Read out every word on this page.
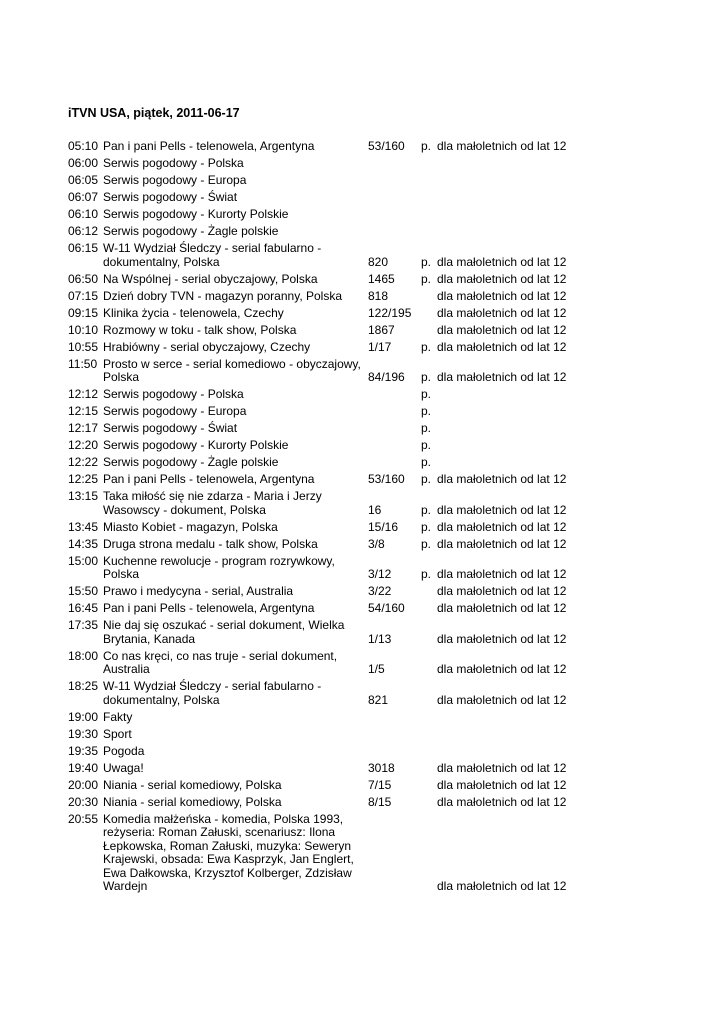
iTVN USA, piątek, 2011-06-17
05:10 Pan i pani Pells - telenowela, Argentyna	53/160 p. dla małoletnich od lat 12
06:00 Serwis pogodowy - Polska
06:05 Serwis pogodowy - Europa
06:07 Serwis pogodowy - Świat
06:10 Serwis pogodowy - Kurorty Polskie
06:12 Serwis pogodowy - Żagle polskie
06:15 W-11 Wydział Śledczy - serial fabularno -
dokumentalny, Polska	820	p. dla małoletnich od lat 12
06:50 Na Wspólnej - serial obyczajowy, Polska	1465 p. dla małoletnich od lat 12
07:15 Dzień dobry TVN - magazyn poranny, Polska	818	dla małoletnich od lat 12
09:15 Klinika życia - telenowela, Czechy	122/195 dla małoletnich od lat 12
10:10 Rozmowy w toku - talk show, Polska	1867	dla małoletnich od lat 12
10:55 Hrabiówny - serial obyczajowy, Czechy	1/17 p. dla małoletnich od lat 12
11:50 Prosto w serce - serial komediowo - obyczajowy,
Polska	84/196 p. dla małoletnich od lat 12
12:12 Serwis pogodowy - Polska	p.
12:15 Serwis pogodowy - Europa	p.
12:17 Serwis pogodowy - Świat	p.
12:20 Serwis pogodowy - Kurorty Polskie	p.
12:22 Serwis pogodowy - Żagle polskie	p.
12:25 Pan i pani Pells - telenowela, Argentyna	53/160 p. dla małoletnich od lat 12
13:15 Taka miłość się nie zdarza - Maria i Jerzy
Wasowscy - dokument, Polska	16	p. dla małoletnich od lat 12
13:45 Miasto Kobiet - magazyn, Polska	15/16 p. dla małoletnich od lat 12
14:35 Druga strona medalu - talk show, Polska	3/8	p. dla małoletnich od lat 12
15:00 Kuchenne rewolucje - program rozrywkowy,
Polska	3/12 p. dla małoletnich od lat 12
15:50 Prawo i medycyna - serial, Australia	3/22	dla małoletnich od lat 12
16:45 Pan i pani Pells - telenowela, Argentyna	54/160	dla małoletnich od lat 12
17:35 Nie daj się oszukać - serial dokument, Wielka
Brytania, Kanada	1/13	dla małoletnich od lat 12
18:00 Co nas kręci, co nas truje - serial dokument,
Australia	1/5	dla małoletnich od lat 12
18:25 W-11 Wydział Śledczy - serial fabularno -
dokumentalny, Polska	821	dla małoletnich od lat 12
19:00 Fakty
19:30 Sport
19:35 Pogoda
19:40 Uwaga!	3018	dla małoletnich od lat 12
20:00 Niania - serial komediowy, Polska	7/15	dla małoletnich od lat 12
20:30 Niania - serial komediowy, Polska	8/15	dla małoletnich od lat 12
20:55 Komedia małżeńska - komedia, Polska 1993,
reżyseria: Roman Załuski, scenariusz: Ilona
Łepkowska, Roman Załuski, muzyka: Seweryn
Krajewski, obsada: Ewa Kasprzyk, Jan Englert,
Ewa Dałkowska, Krzysztof Kolberger, Zdzisław
Wardejn	dla małoletnich od lat 12
